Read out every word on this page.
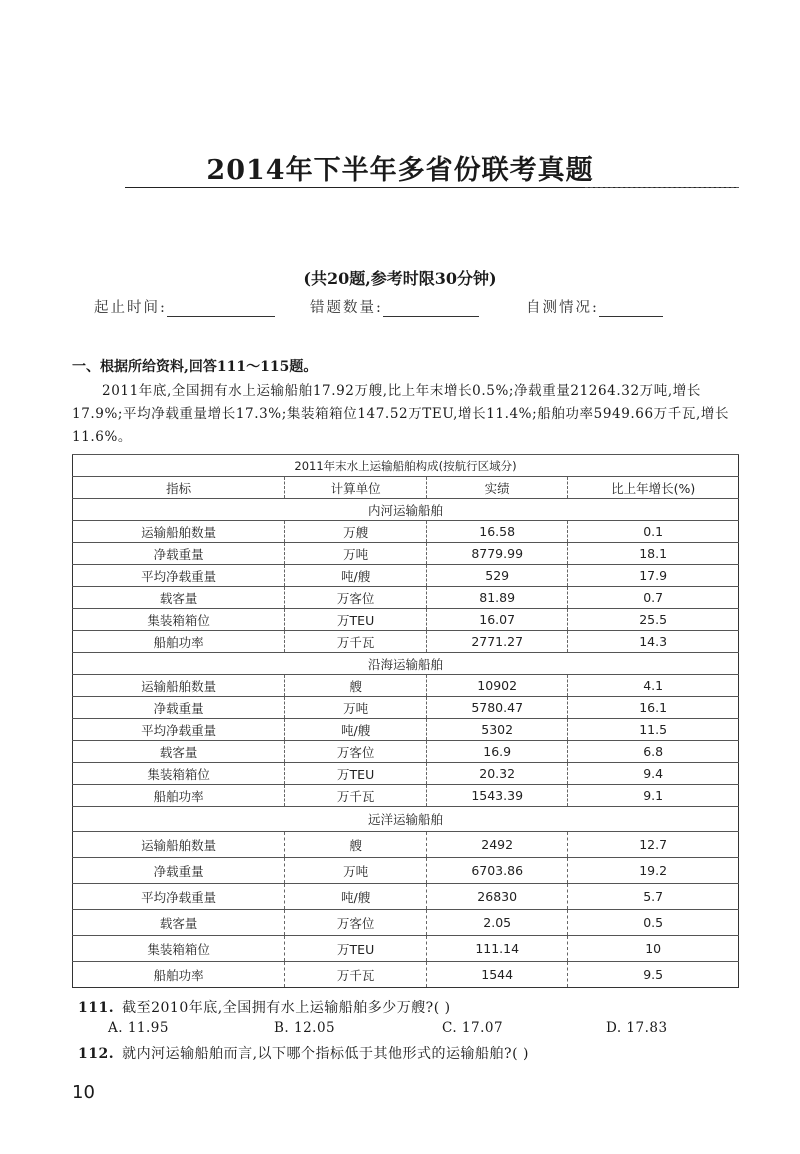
2014年下半年多省份联考真题
(共20题,参考时限30分钟)
起止时间:	错题数量:	自测情况:
一、根据所给资料,回答111～115题。
2011年底,全国拥有水上运输船舶17.92万艘,比上年末增长0.5%;净载重量21264.32万吨,增长17.9%;平均净载重量增长17.3%;集装箱箱位147.52万TEU,增长11.4%;船舶功率5949.66万千瓦,增长11.6%。
2011年末水上运输船舶构成(按航行区域分)			
指标	计算单位	实绩	比上年增长(%)
内河运输船舶			
运输船舶数量	万艘	16.58	0.1
净载重量	万吨	8779.99	18.1
平均净载重量	吨/艘	529	17.9
载客量	万客位	81.89	0.7
集装箱箱位	万TEU	16.07	25.5
船舶功率	万千瓦	2771.27	14.3
沿海运输船舶			
运输船舶数量	艘	10902	4.1
净载重量	万吨	5780.47	16.1
平均净载重量	吨/艘	5302	11.5
载客量	万客位	16.9	6.8
集装箱箱位	万TEU	20.32	9.4
船舶功率	万千瓦	1543.39	9.1
远洋运输船舶			
运输船舶数量	艘	2492	12.7
净载重量	万吨	6703.86	19.2
平均净载重量	吨/艘	26830	5.7
载客量	万客位	2.05	0.5
集装箱箱位	万TEU	111.14	10
船舶功率	万千瓦	1544	9.5
111. 截至2010年底,全国拥有水上运输船舶多少万艘?( )
A. 11.95	B. 12.05	C. 17.07	D. 17.83
112. 就内河运输船舶而言,以下哪个指标低于其他形式的运输船舶?( )
10
